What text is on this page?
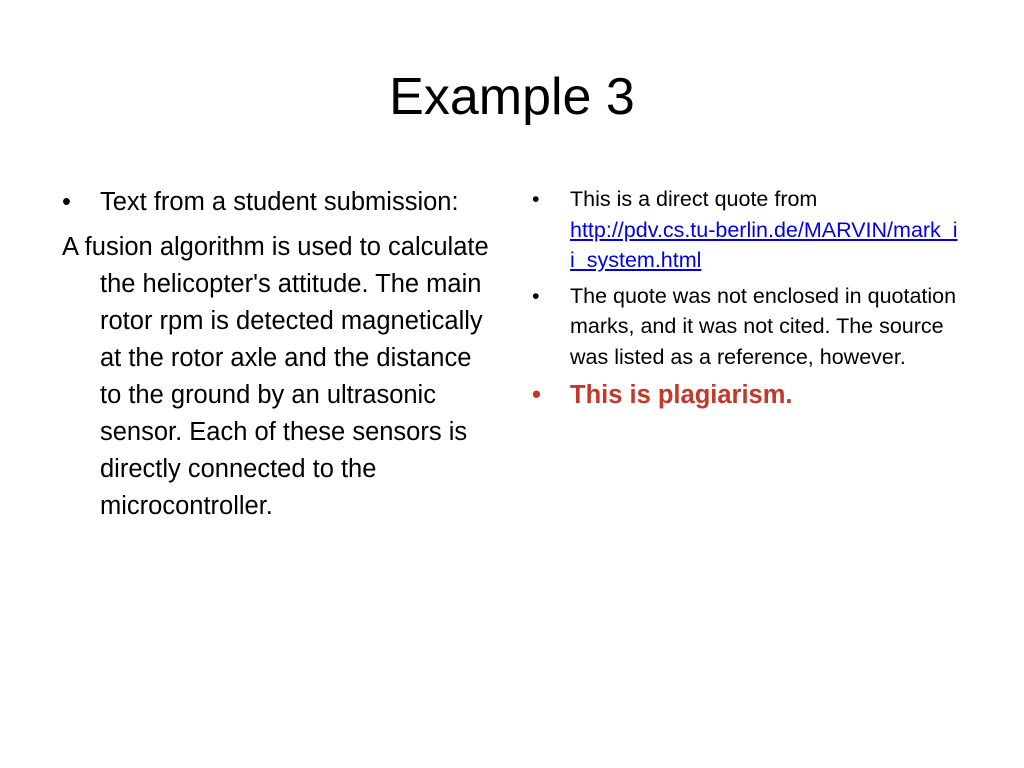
Example 3

•	Text from a student submission:

A fusion algorithm is used to calculate the helicopter's attitude. The main rotor rpm is detected magnetically at the rotor axle and the distance to the ground by an ultrasonic sensor. Each of these sensors is directly connected to the microcontroller.

•	This is a direct quote from
http://pdv.cs.tu-berlin.de/MARVIN/mark_ii_system.html

•	The quote was not enclosed in quotation marks, and it was not cited. The source was listed as a reference, however.

•	This is plagiarism.
